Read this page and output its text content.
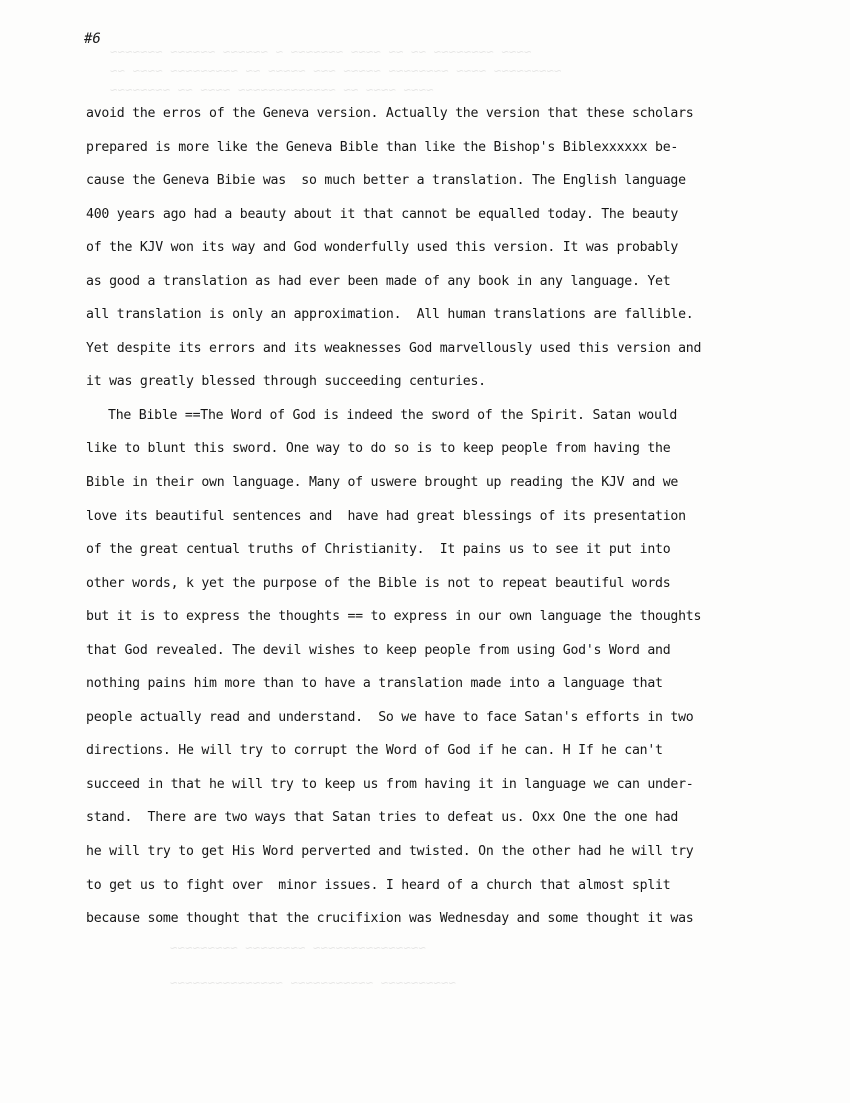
~~~~ ~~~~~~~~ ~~ ~~ ~~~~ ~~~~~~~ ~ ~~~~~~ ~~~~~~ ~~~~~~~
~~~~~~~~~ ~~~~ ~~~~~~~~ ~~~~~ ~~~ ~~~~~ ~~ ~~~~~~~~~ ~~~~ ~~
~~~~ ~~~~ ~~ ~~~~~~~~~~~~~ ~~~~ ~~ ~~~~~~~~
~~~~~~~~~~~~~~~ ~~~~~~~~ ~~~~~~~~~
~~~~~~~~~~ ~~~~~~~~~~~ ~~~~~~~~~~~~~~~
#6
avoid the erros of the Geneva version. Actually the version that these scholars
prepared is more like the Geneva Bible than like the Bishop's Biblexxxxxx be-
cause the Geneva Bibie was  so much better a translation. The English language
400 years ago had a beauty about it that cannot be equalled today. The beauty
of the KJV won its way and God wonderfully used this version. It was probably
as good a translation as had ever been made of any book in any language. Yet
all translation is only an approximation.  All human translations are fallible.
Yet despite its errors and its weaknesses God marvellously used this version and
it was greatly blessed through succeeding centuries.
The Bible ==The Word of God is indeed the sword of the Spirit. Satan would
like to blunt this sword. One way to do so is to keep people from having the
Bible in their own language. Many of uswere brought up reading the KJV and we
love its beautiful sentences and  have had great blessings of its presentation
of the great centual truths of Christianity.  It pains us to see it put into
other words, k yet the purpose of the Bible is not to repeat beautiful words
but it is to express the thoughts == to express in our own language the thoughts
that God revealed. The devil wishes to keep people from using God's Word and
nothing pains him more than to have a translation made into a language that
people actually read and understand.  So we have to face Satan's efforts in two
directions. He will try to corrupt the Word of God if he can. H If he can't
succeed in that he will try to keep us from having it in language we can under-
stand.  There are two ways that Satan tries to defeat us. Oxx One the one had
he will try to get His Word perverted and twisted. On the other had he will try
to get us to fight over  minor issues. I heard of a church that almost split
because some thought that the crucifixion was Wednesday and some thought it was
